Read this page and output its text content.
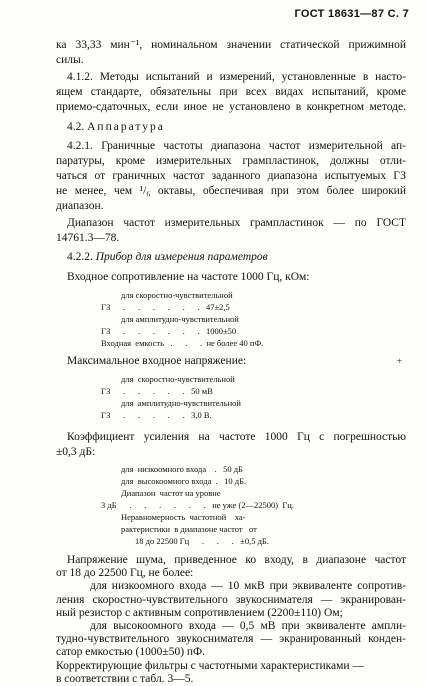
ГОСТ 18631—87 С. 7
ка 33,33 мин⁻¹, номинальном значении статической прижимной
силы.
4.1.2. Методы испытаний и измерений, установленные в насто-
ящем стандарте, обязательны при всех видах испытаний, кроме
приемо-сдаточных, если иное не установлено в конкретном методе.
4.2. Аппаратура
4.2.1. Граничные частоты диапазона частот измерительной ап-
паратуры, кроме измерительных грампластинок, должны отли-
чаться от граничных частот заданного диапазона испытуемых ГЗ
не менее, чем ¹/₆ октавы, обеспечивая при этом более широкий
диапазон.
Диапазон частот измерительных грампластинок — по ГОСТ
14761.3—78.
4.2.2. Прибор для измерения параметров
Входное сопротивление на частоте 1000 Гц, кОм:
для скоростно-чувствительной
ГЗ      .      .      .      .      .      .   47±2,5
для амплитудно-чувствительной
ГЗ      .      .      .      .      .      .   1000±50
Входная  емкость   .      .      .  не более 40 пФ.
Максимальное входное напряжение:	+
для  скоростно-чувствительной
ГЗ      .      .      .      .      .   50 мВ
для  амплитудно-чувствительной
ГЗ      .      .      .      .      .   3,0 В.
Коэффициент усиления на частоте 1000 Гц с погрешностью
±0,3 дБ:
для  низкоомного входа    .   50 дБ
для  высокоомного входа  .   10 дБ.
Диапазон  частот на уровне
3 дБ      .      .      .      .      .      .   не уже (2—22500)  Гц.
Неравномерность  частотной    ха-
рактеристики  в диапазоне частот   от
18 до 22500 Гц      .      .      .   ±0,5 дБ.
Напряжение шума, приведенное ко входу, в диапазоне частот
от 18 до 22500 Гц, не более:
для низкоомного входа — 10 мкВ при эквиваленте сопротив-
ления скоростно-чувствительного звукоснимателя — экранирован-
ный резистор с активным сопротивлением (2200±110) Ом;
для высокоомного входа — 0,5 мВ при эквиваленте ампли-
тудно-чувствительного звукоснимателя — экранированный конден-
сатор емкостью (1000±50) пФ.
Корректирующие фильтры с частотными характеристиками —
в соответствии с табл. 3—5.
